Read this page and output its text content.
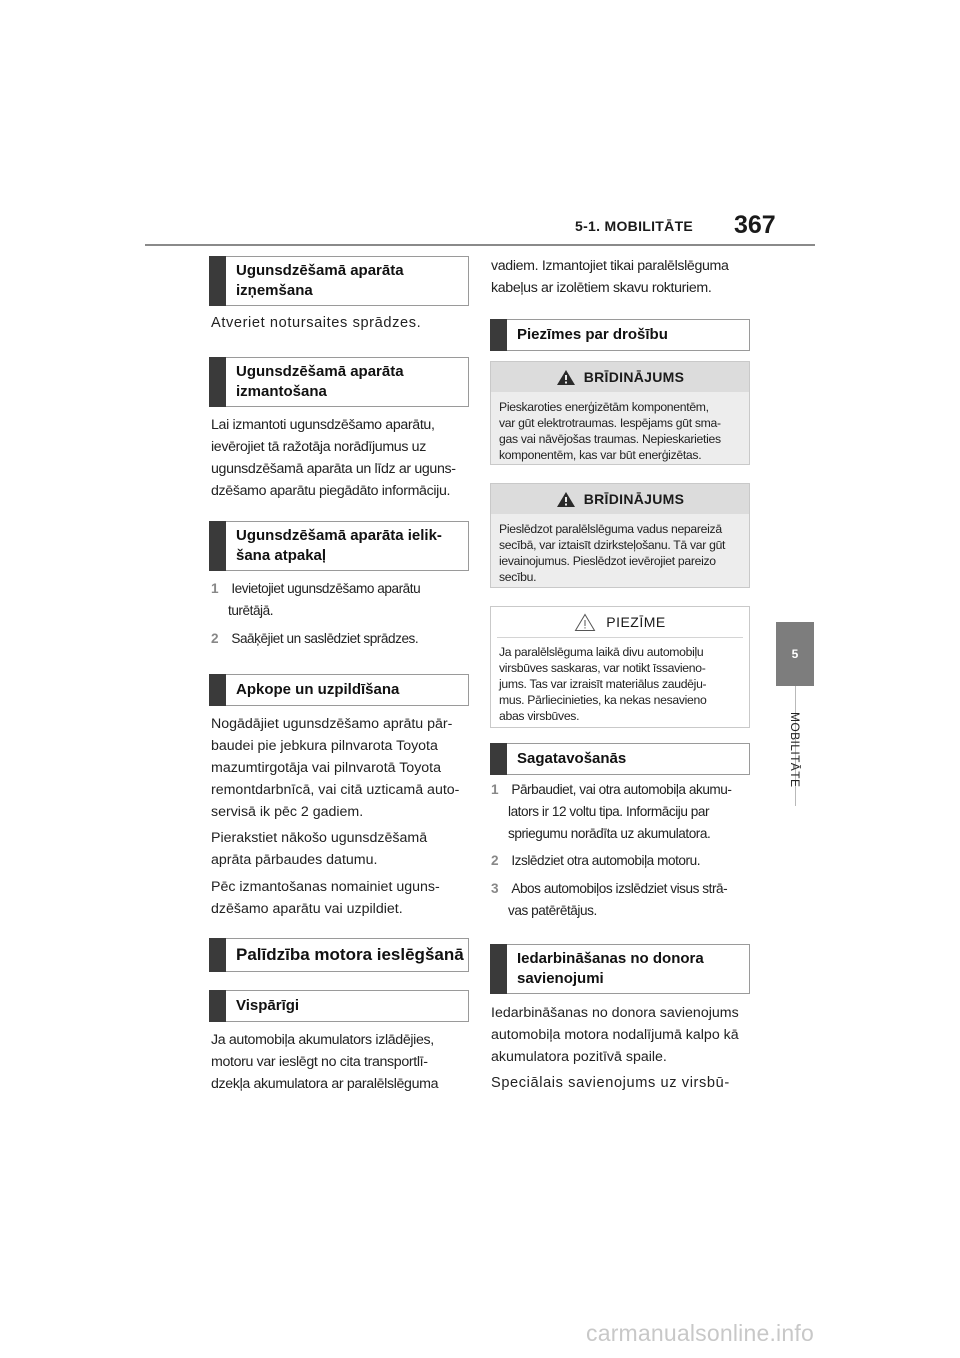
5-1. MOBILITĀTE 367
5
MOBILITĀTE
Ugunsdzēšamā aparāta izņemšana
Atveriet notursaites sprādzes.
Ugunsdzēšamā aparāta izmantošana
Lai izmantoti ugunsdzēšamo aparātu,
ievērojiet tā ražotāja norādījumus uz
ugunsdzēšamā aparāta un līdz ar uguns-
dzēšamo aparātu piegādāto informāciju.
Ugunsdzēšamā aparāta ielik-
šana atpakaļ
1 Ievietojiet ugunsdzēšamo aparātu
turētājā.
2 Saāķējiet un saslēdziet sprādzes.
Apkope un uzpildīšana
Nogādājiet ugunsdzēšamo aprātu pār-
baudei pie jebkura pilnvarota Toyota
mazumtirgotāja vai pilnvarotā Toyota
remontdarbnīcā, vai citā uzticamā auto-
servisā ik pēc 2 gadiem.
Pierakstiet nākošo ugunsdzēšamā
aprāta pārbaudes datumu.
Pēc izmantošanas nomainiet uguns-
dzēšamo aparātu vai uzpildiet.
Palīdzība motora ieslēgšanā
Vispārīgi
Ja automobiļa akumulators izlādējies,
motoru var ieslēgt no cita transportlī-
dzekļa akumulatora ar paralēlslēguma
vadiem. Izmantojiet tikai paralēlslēguma
kabeļus ar izolētiem skavu rokturiem.
Piezīmes par drošību
BRĪDINĀJUMS
Pieskaroties enerģizētām komponentēm,
var gūt elektrotraumas. Iespējams gūt sma-
gas vai nāvējošas traumas. Nepieskarieties
komponentēm, kas var būt enerģizētas.
BRĪDINĀJUMS
Pieslēdzot paralēlslēguma vadus nepareizā
secībā, var iztaisīt dzirksteļošanu. Tā var gūt
ievainojumus. Pieslēdzot ievērojiet pareizo
secību.
PIEZĪME
Ja paralēlslēguma laikā divu automobiļu
virsbūves saskaras, var notikt īssavieno-
jums. Tas var izraisīt materiālus zaudēju-
mus. Pārliecinieties, ka nekas nesavieno
abas virsbūves.
Sagatavošanās
1 Pārbaudiet, vai otra automobiļa akumu-
lators ir 12 voltu tipa. Informāciju par
spriegumu norādīta uz akumulatora.
2 Izslēdziet otra automobiļa motoru.
3 Abos automobiļos izslēdziet visus strā-
vas patērētājus.
Iedarbināšanas no donora
savienojumi
Iedarbināšanas no donora savienojums
automobiļa motora nodalījumā kalpo kā
akumulatora pozitīvā spaile.
Speciālais savienojums uz virsbū-
carmanualsonline.info
